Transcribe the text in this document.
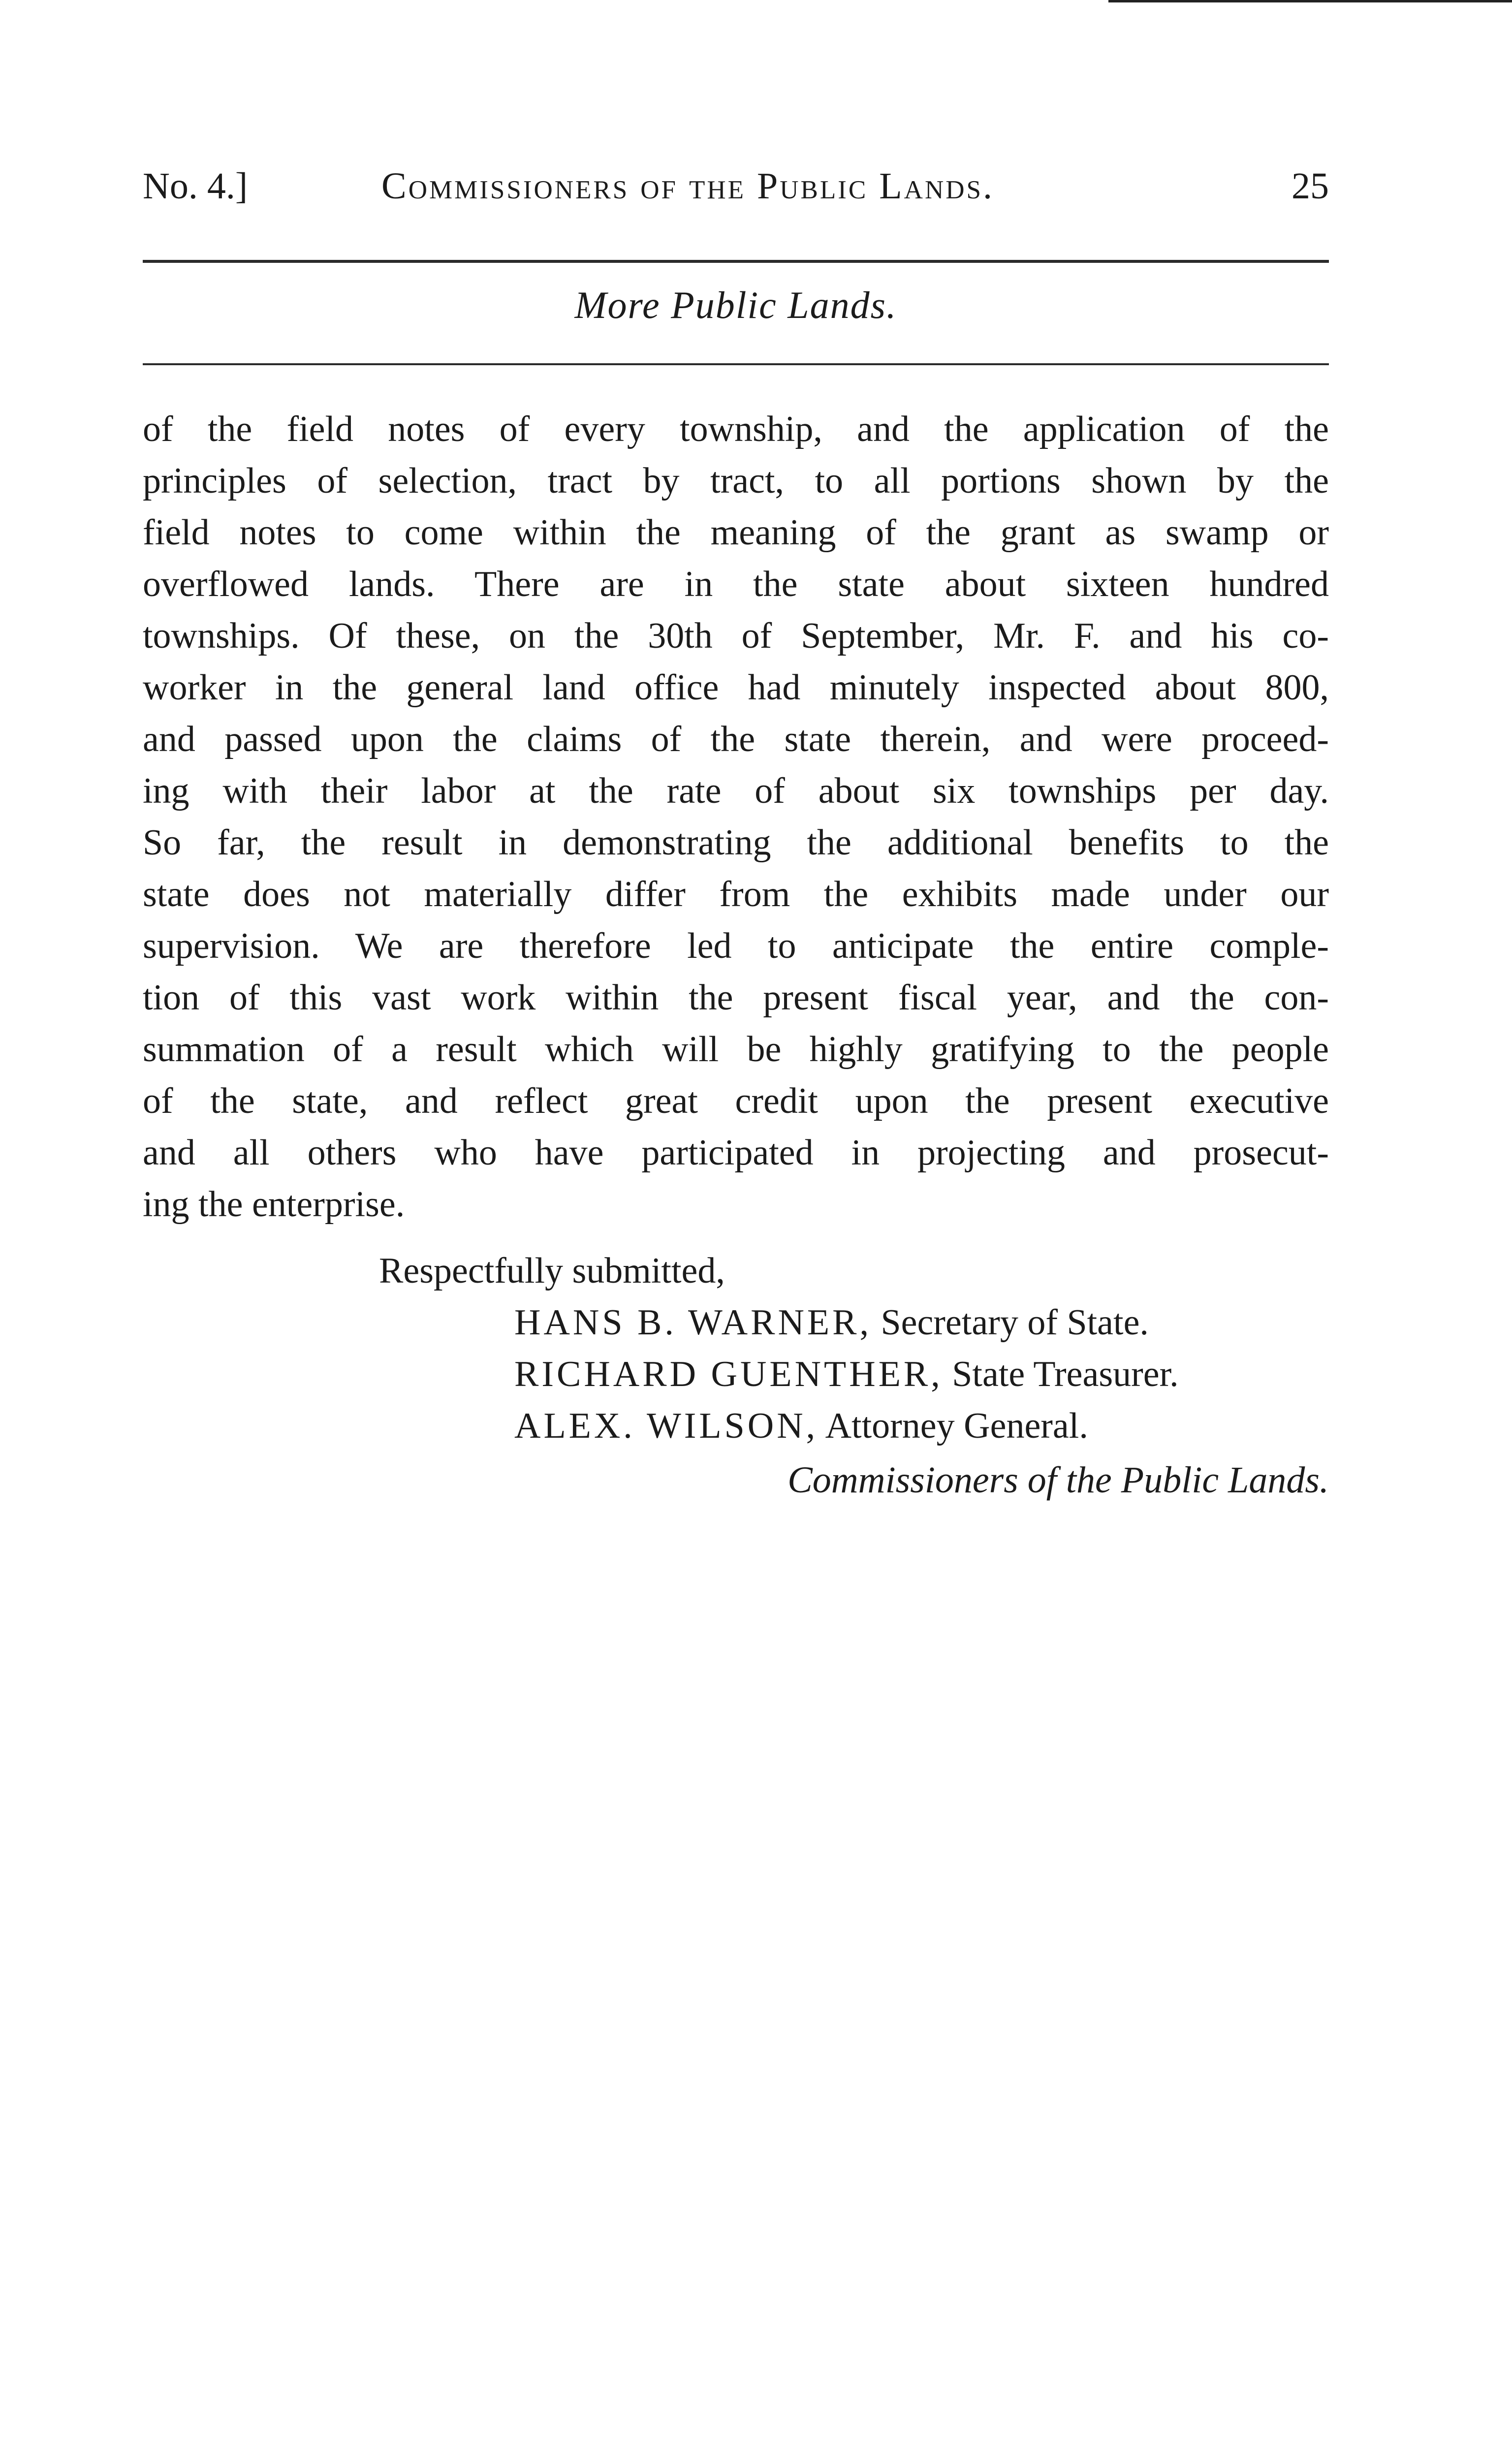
No. 4.]	Commissioners of the Public Lands.	25
More Public Lands.
of the field notes of every township, and the application of the
principles of selection, tract by tract, to all portions shown by the
field notes to come within the meaning of the grant as swamp or
overflowed lands. There are in the state about sixteen hundred
townships. Of these, on the 30th of September, Mr. F. and his co-
worker in the general land office had minutely inspected about 800,
and passed upon the claims of the state therein, and were proceed-
ing with their labor at the rate of about six townships per day.
So far, the result in demonstrating the additional benefits to the
state does not materially differ from the exhibits made under our
supervision. We are therefore led to anticipate the entire comple-
tion of this vast work within the present fiscal year, and the con-
summation of a result which will be highly gratifying to the people
of the state, and reflect great credit upon the present executive
and all others who have participated in projecting and prosecut-
ing the enterprise.
Respectfully submitted,
HANS B. WARNER, Secretary of State.
RICHARD GUENTHER, State Treasurer.
ALEX. WILSON, Attorney General.
Commissioners of the Public Lands.
